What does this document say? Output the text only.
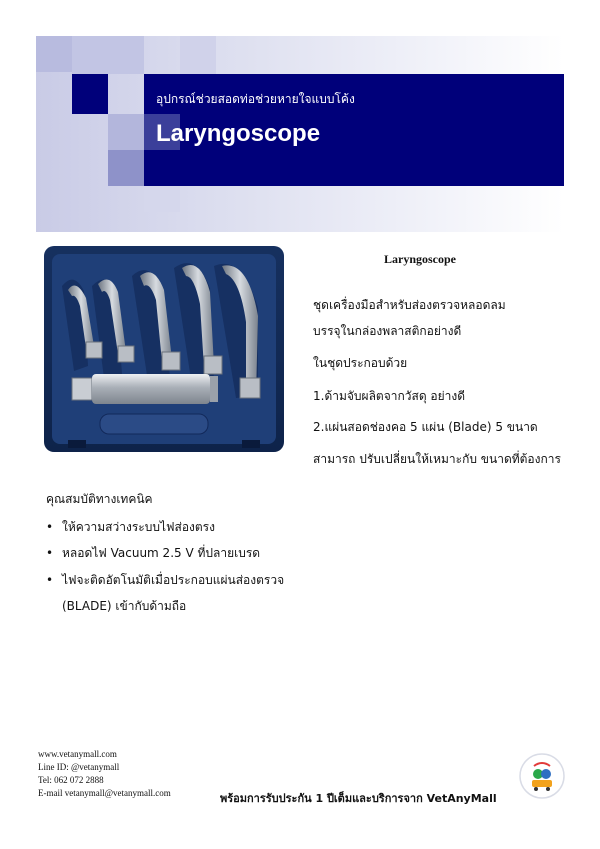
อุปกรณ์ช่วยสอดท่อช่วยหายใจแบบโค้ง
Laryngoscope
Laryngoscope
ชุดเครื่องมือสำหรับส่องตรวจหลอดลม
บรรจุในกล่องพลาสติกอย่างดี
ในชุดประกอบด้วย
1.ด้ามจับผลิตจากวัสดุ อย่างดี
2.แผ่นสอดช่องคอ 5 แผ่น (Blade) 5 ขนาด
สามารถ ปรับเปลี่ยนให้เหมาะกับ ขนาดที่ต้องการ
คุณสมบัติทางเทคนิค
• ให้ความสว่างระบบไฟส่องตรง
• หลอดไฟ Vacuum 2.5 V ที่ปลายเบรด
• ไฟจะติดอัตโนมัติเมื่อประกอบแผ่นส่องตรวจ
(BLADE) เข้ากับด้ามถือ
www.vetanymall.com
Line ID: @vetanymall
Tel: 062 072 2888
E-mail vetanymall@vetanymall.com	พร้อมการรับประกัน 1 ปีเต็มและบริการจาก VetAnyMall
